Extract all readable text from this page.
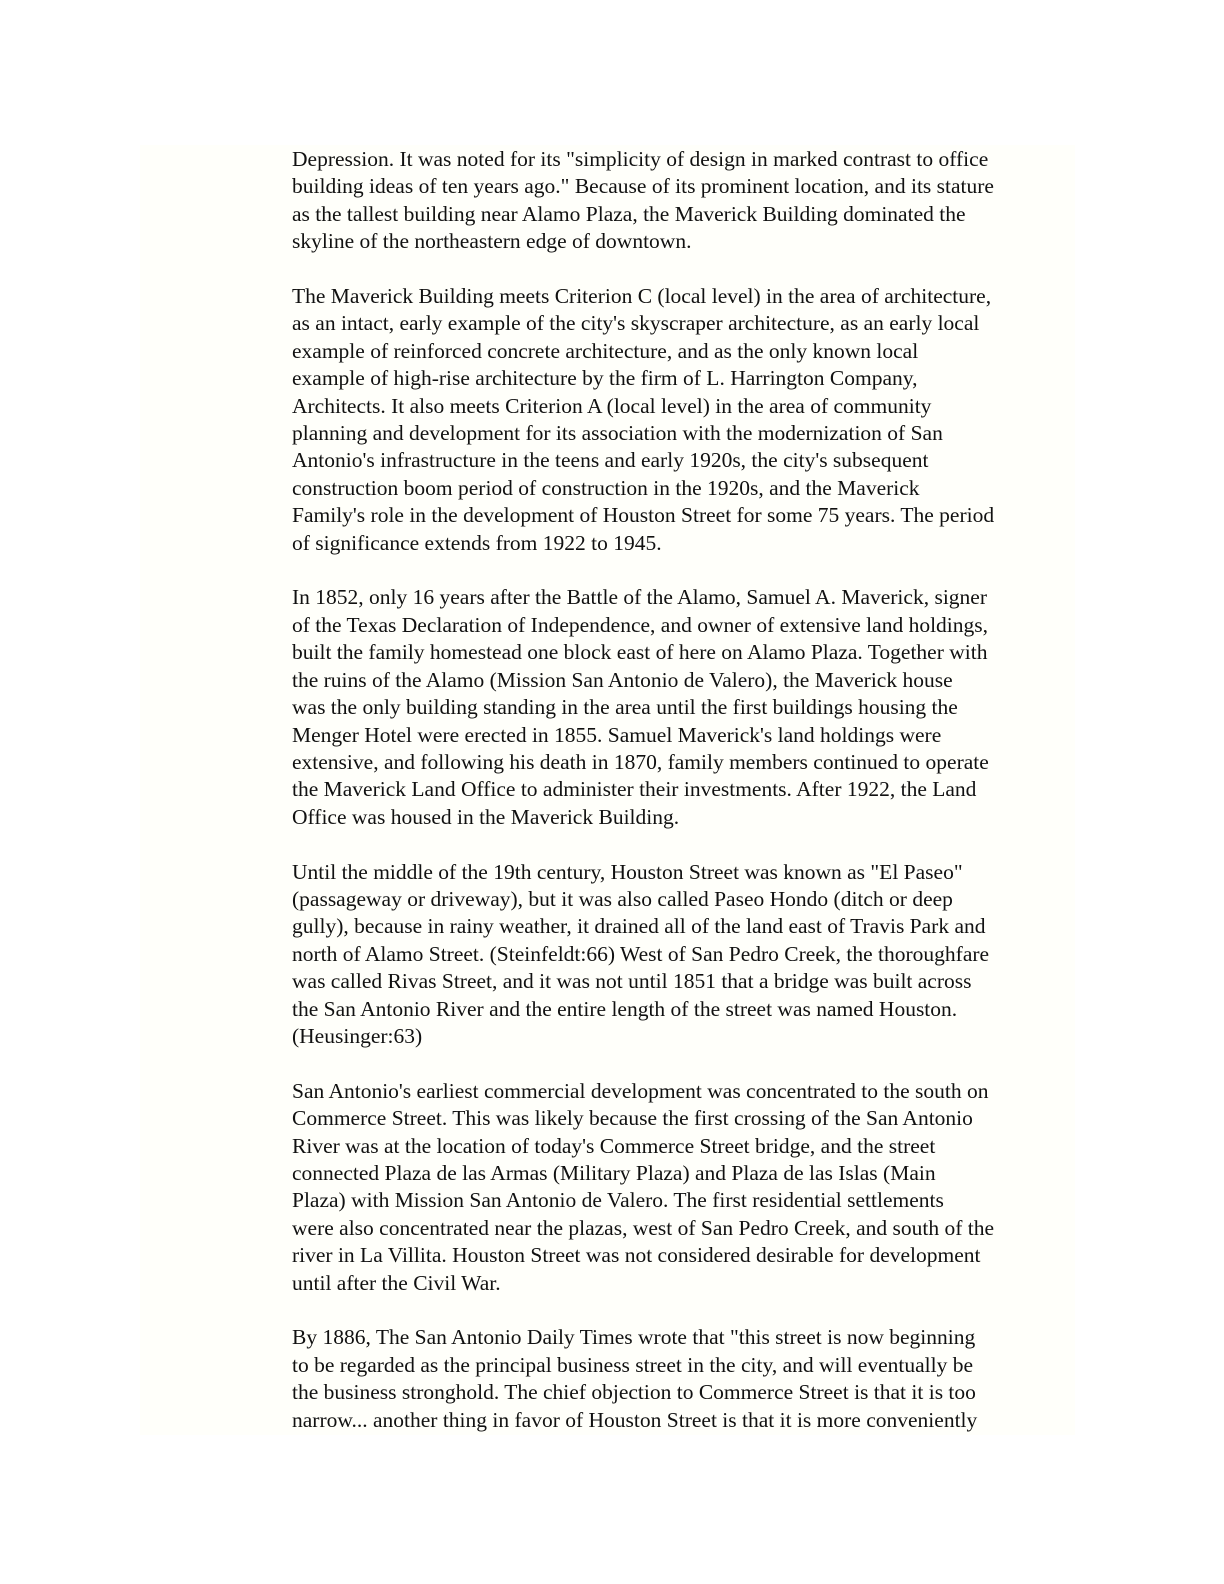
Depression. It was noted for its "simplicity of design in marked contrast to office
building ideas of ten years ago." Because of its prominent location, and its stature
as the tallest building near Alamo Plaza, the Maverick Building dominated the
skyline of the northeastern edge of downtown.

The Maverick Building meets Criterion C (local level) in the area of architecture,
as an intact, early example of the city's skyscraper architecture, as an early local
example of reinforced concrete architecture, and as the only known local
example of high-rise architecture by the firm of L. Harrington Company,
Architects. It also meets Criterion A (local level) in the area of community
planning and development for its association with the modernization of San
Antonio's infrastructure in the teens and early 1920s, the city's subsequent
construction boom period of construction in the 1920s, and the Maverick
Family's role in the development of Houston Street for some 75 years. The period
of significance extends from 1922 to 1945.

In 1852, only 16 years after the Battle of the Alamo, Samuel A. Maverick, signer
of the Texas Declaration of Independence, and owner of extensive land holdings,
built the family homestead one block east of here on Alamo Plaza. Together with
the ruins of the Alamo (Mission San Antonio de Valero), the Maverick house
was the only building standing in the area until the first buildings housing the
Menger Hotel were erected in 1855. Samuel Maverick's land holdings were
extensive, and following his death in 1870, family members continued to operate
the Maverick Land Office to administer their investments. After 1922, the Land
Office was housed in the Maverick Building.

Until the middle of the 19th century, Houston Street was known as "El Paseo"
(passageway or driveway), but it was also called Paseo Hondo (ditch or deep
gully), because in rainy weather, it drained all of the land east of Travis Park and
north of Alamo Street. (Steinfeldt:66) West of San Pedro Creek, the thoroughfare
was called Rivas Street, and it was not until 1851 that a bridge was built across
the San Antonio River and the entire length of the street was named Houston.
(Heusinger:63)

San Antonio's earliest commercial development was concentrated to the south on
Commerce Street. This was likely because the first crossing of the San Antonio
River was at the location of today's Commerce Street bridge, and the street
connected Plaza de las Armas (Military Plaza) and Plaza de las Islas (Main
Plaza) with Mission San Antonio de Valero. The first residential settlements
were also concentrated near the plazas, west of San Pedro Creek, and south of the
river in La Villita. Houston Street was not considered desirable for development
until after the Civil War.

By 1886, The San Antonio Daily Times wrote that "this street is now beginning
to be regarded as the principal business street in the city, and will eventually be
the business stronghold. The chief objection to Commerce Street is that it is too
narrow... another thing in favor of Houston Street is that it is more conveniently
